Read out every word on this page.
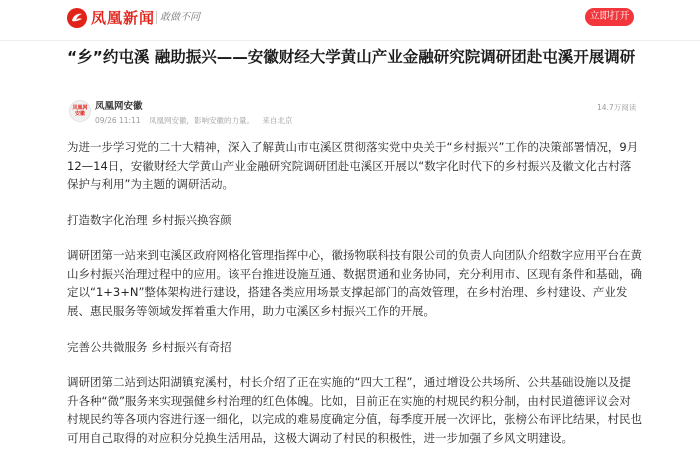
凤凰新闻 敢做不同	立即打开
“乡”约屯溪 融助振兴——安徽财经大学黄山产业金融研究院调研团赴屯溪开展调研
凤凰网安徽
凤凰网安徽
09/26 11:11 凤凰网安徽，影响安徽的力量。 来自北京
14.7万阅读

为进一步学习党的二十大精神，深入了解黄山市屯溪区贯彻落实党中央关于“乡村振兴”工作的决策部署情况，9月12—14日，安徽财经大学黄山产业金融研究院调研团赴屯溪区开展以“数字化时代下的乡村振兴及徽文化古村落保护与利用”为主题的调研活动。

打造数字化治理 乡村振兴换容颜

调研团第一站来到屯溪区政府网格化管理指挥中心，徽扬物联科技有限公司的负责人向团队介绍数字应用平台在黄山乡村振兴治理过程中的应用。该平台推进设施互通、数据贯通和业务协同，充分利用市、区现有条件和基础，确定以“1+3+N”整体架构进行建设，搭建各类应用场景支撑起部门的高效管理，在乡村治理、乡村建设、产业发展、惠民服务等领域发挥着重大作用，助力屯溪区乡村振兴工作的开展。

完善公共微服务 乡村振兴有奇招

调研团第二站到达阳湖镇兖溪村，村长介绍了正在实施的“四大工程”，通过增设公共场所、公共基础设施以及提升各种“微”服务来实现强健乡村治理的红色体魄。比如，目前正在实施的村规民约积分制，由村民道德评议会对村规民约等各项内容进行逐一细化，以完成的难易度确定分值，每季度开展一次评比，张榜公布评比结果，村民也可用自己取得的对应积分兑换生活用品，这极大调动了村民的积极性，进一步加强了乡风文明建设。
